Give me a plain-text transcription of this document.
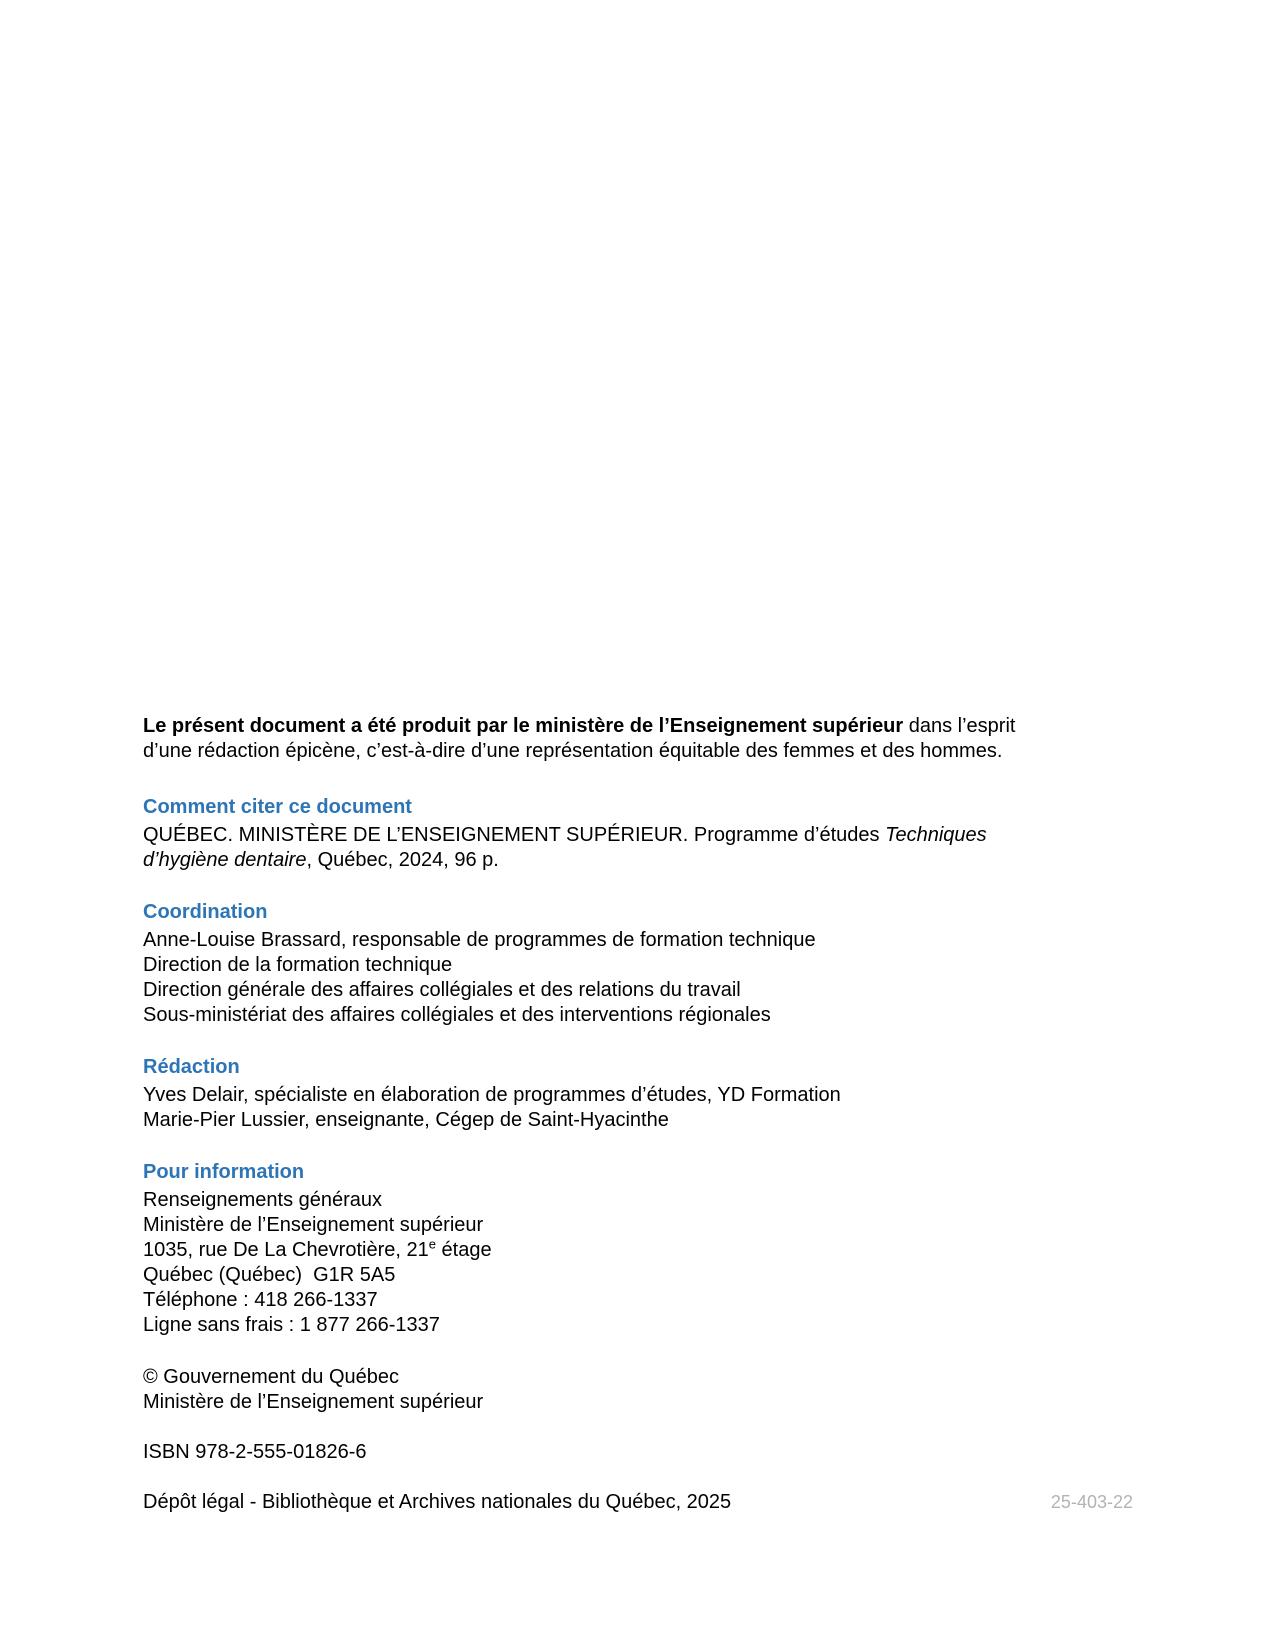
Le présent document a été produit par le ministère de l’Enseignement supérieur dans l’esprit d’une rédaction épicène, c’est-à-dire d’une représentation équitable des femmes et des hommes.

Comment citer ce document

QUÉBEC. MINISTÈRE DE L’ENSEIGNEMENT SUPÉRIEUR. Programme d’études Techniques
d’hygiène dentaire, Québec, 2024, 96 p.

Coordination

Anne-Louise Brassard, responsable de programmes de formation technique
Direction de la formation technique
Direction générale des affaires collégiales et des relations du travail
Sous-ministériat des affaires collégiales et des interventions régionales

Rédaction

Yves Delair, spécialiste en élaboration de programmes d’études, YD Formation
Marie-Pier Lussier, enseignante, Cégep de Saint-Hyacinthe

Pour information

Renseignements généraux
Ministère de l’Enseignement supérieur
1035, rue De La Chevrotière, 21e étage
Québec (Québec)  G1R 5A5
Téléphone : 418 266-1337
Ligne sans frais : 1 877 266-1337
© Gouvernement du Québec
Ministère de l’Enseignement supérieur
ISBN 978-2-555-01826-6
Dépôt légal - Bibliothèque et Archives nationales du Québec, 2025	25-403-22
